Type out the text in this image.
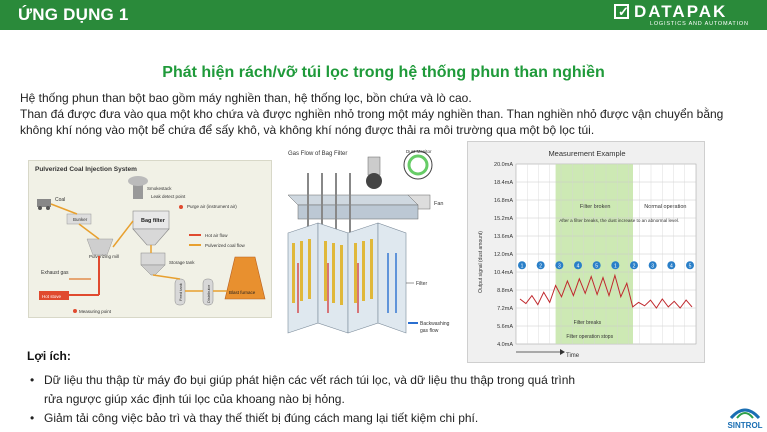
ỨNG DỤNG 1	✓ DATAPAK
LOGISTICS AND AUTOMATION
Phát hiện rách/vỡ túi lọc trong hệ thống phun than nghiền
Hệ thống phun than bột bao gồm máy nghiền than, hệ thống lọc, bồn chứa và lò cao.
Than đá được đưa vào qua một kho chứa và được nghiền nhỏ trong một máy nghiền than. Than nghiền nhỏ được vận chuyển bằng không khí nóng vào một bể chứa để sấy khô, và không khí nóng được thải ra môi trường qua một bộ lọc túi.
Pulverized Coal Injection System
Coal
Bunker
Pulverizing mill
Exhaust gas
Hot stove
Smokestack
Leak detect point
Purge air (instrument air)
Bag filter
Hot air flow
Pulverized coal flow
Storage tank
Feed tank	Distributor	Blast furnace
Measuring point
Gas Flow of Bag Filter	Dust Monitor
Fan
Filter
Backwashing
gas flow
Measurement Example
Output signal (dust amount)
Time
Filter broken	Normal operation
20.0mA
18.4mA
16.8mA
15.2mA
13.6mA
12.0mA
10.4mA
8.8mA
7.2mA
5.6mA
4.0mA
1	2	3	4	5	1	2	3	4	5
After a filter breaks, the dust increase to an abnormal level.
Filter breaks
Filter operation stops
Lợi ích:
• Dữ liệu thu thập từ máy đo bụi giúp phát hiện các vết rách túi lọc, và dữ liệu thu thập trong quá trình
rửa ngược giúp xác định túi lọc của khoang nào bị hỏng.
• Giảm tải công việc bảo trì và thay thế thiết bị đúng cách mang lại tiết kiệm chi phí.
SINTROL
